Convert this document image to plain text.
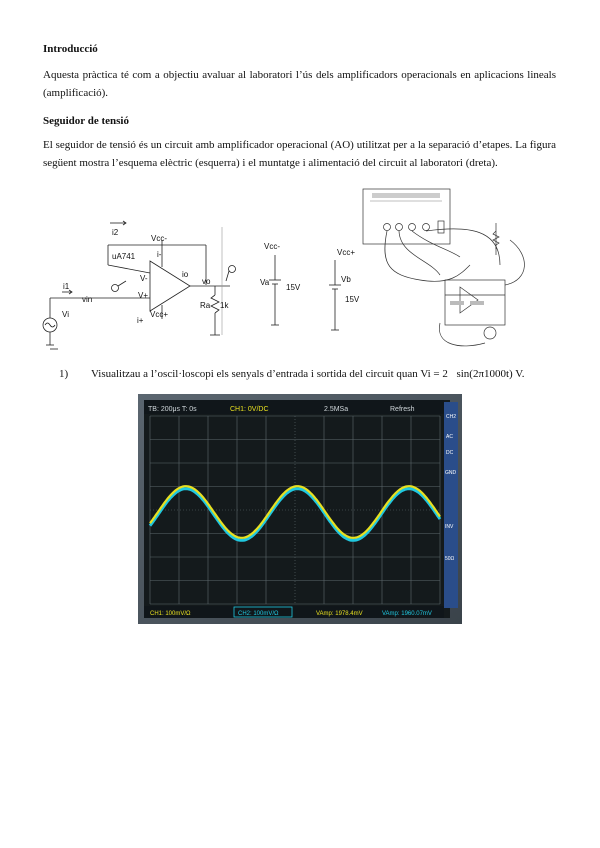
Introducció
Aquesta pràctica té com a objectiu avaluar al laboratori l’ús dels amplificadors operacionals en aplicacions lineals (amplificació).
Seguidor de tensió
El seguidor de tensió és un circuit amb amplificador operacional (AO) utilitzat per a la separació d’etapes. La figura següent mostra l’esquema elèctric (esquerra) i el muntatge i alimentació del circuit al laboratori (dreta).
i2
Vcc-
i-
uA741
V-
V+
io
vo
i1
vin
Vi
i+
Vcc+
Ra 1k
Vcc-
Va
15V
Vcc+
Vb
15V
1) Visualitzau a l’oscil·loscopi els senyals d’entrada i sortida del circuit quan Vi = 2 sin(2π1000t) V.
TB: 200μs T: 0s	CH1: 0V/DC	2.5MSa	Refresh
CH2
AC
DC
GND
INV
50Ω
CH1: 100mV/Ω	CH2: 100mV/Ω	VAmp: 1978.4mV	VAmp: 1960.07mV
